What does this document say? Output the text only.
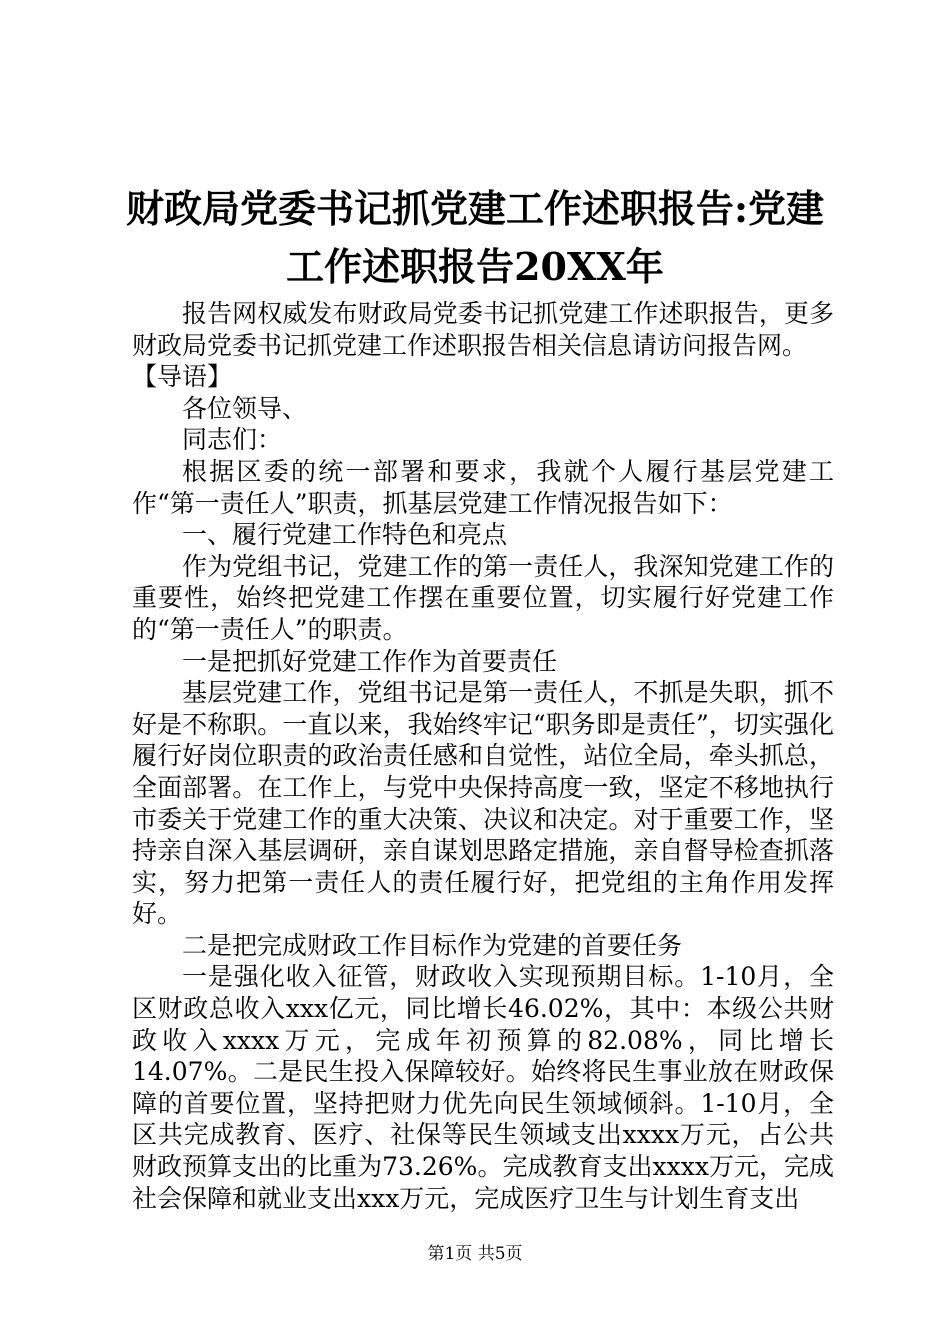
财政局党委书记抓党建工作述职报告:党建工作述职报告20XX年

报告网权威发布财政局党委书记抓党建工作述职报告，更多财政局党委书记抓党建工作述职报告相关信息请访问报告网。

【导语】

各位领导、

同志们：

根据区委的统一部署和要求，我就个人履行基层党建工作“第一责任人”职责，抓基层党建工作情况报告如下：

一、履行党建工作特色和亮点

作为党组书记，党建工作的第一责任人，我深知党建工作的重要性，始终把党建工作摆在重要位置，切实履行好党建工作的“第一责任人”的职责。

一是把抓好党建工作作为首要责任

基层党建工作，党组书记是第一责任人，不抓是失职，抓不好是不称职。一直以来，我始终牢记“职务即是责任”，切实强化履行好岗位职责的政治责任感和自觉性，站位全局，牵头抓总，全面部署。在工作上，与党中央保持高度一致，坚定不移地执行市委关于党建工作的重大决策、决议和决定。对于重要工作，坚持亲自深入基层调研，亲自谋划思路定措施，亲自督导检查抓落实，努力把第一责任人的责任履行好，把党组的主角作用发挥好。

二是把完成财政工作目标作为党建的首要任务

一是强化收入征管，财政收入实现预期目标。1-10月，全区财政总收入xxx亿元，同比增长46.02%，其中：本级公共财政收入xxxx万元，完成年初预算的82.08%，同比增长14.07%。二是民生投入保障较好。始终将民生事业放在财政保障的首要位置，坚持把财力优先向民生领域倾斜。1-10月，全区共完成教育、医疗、社保等民生领域支出xxxx万元，占公共财政预算支出的比重为73.26%。完成教育支出xxxx万元，完成社会保障和就业支出xxx万元，完成医疗卫生与计划生育支出

第1页 共5页
